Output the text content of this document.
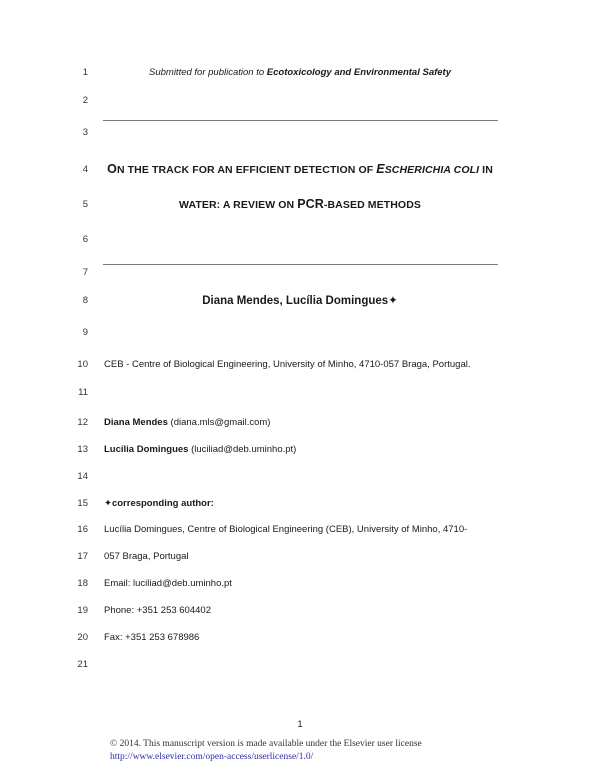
1
2
3
4
5
6
7
8
9
10
11
12
13
14
15
16
17
18
19
20
21
Submitted for publication to Ecotoxicology and Environmental Safety
ON THE TRACK FOR AN EFFICIENT DETECTION OF ESCHERICHIA COLI IN
WATER: A REVIEW ON PCR-BASED METHODS
Diana Mendes, Lucília Domingues✦
CEB - Centre of Biological Engineering, University of Minho, 4710-057 Braga, Portugal.
Diana Mendes (diana.mls@gmail.com)
Lucília Domingues (luciliad@deb.uminho.pt)
✦corresponding author:
Lucília Domingues, Centre of Biological Engineering (CEB), University of Minho, 4710-
057 Braga, Portugal
Email: luciliad@deb.uminho.pt
Phone: +351 253 604402
Fax: +351 253 678986
1
© 2014. This manuscript version is made available under the Elsevier user license
http://www.elsevier.com/open-access/userlicense/1.0/
